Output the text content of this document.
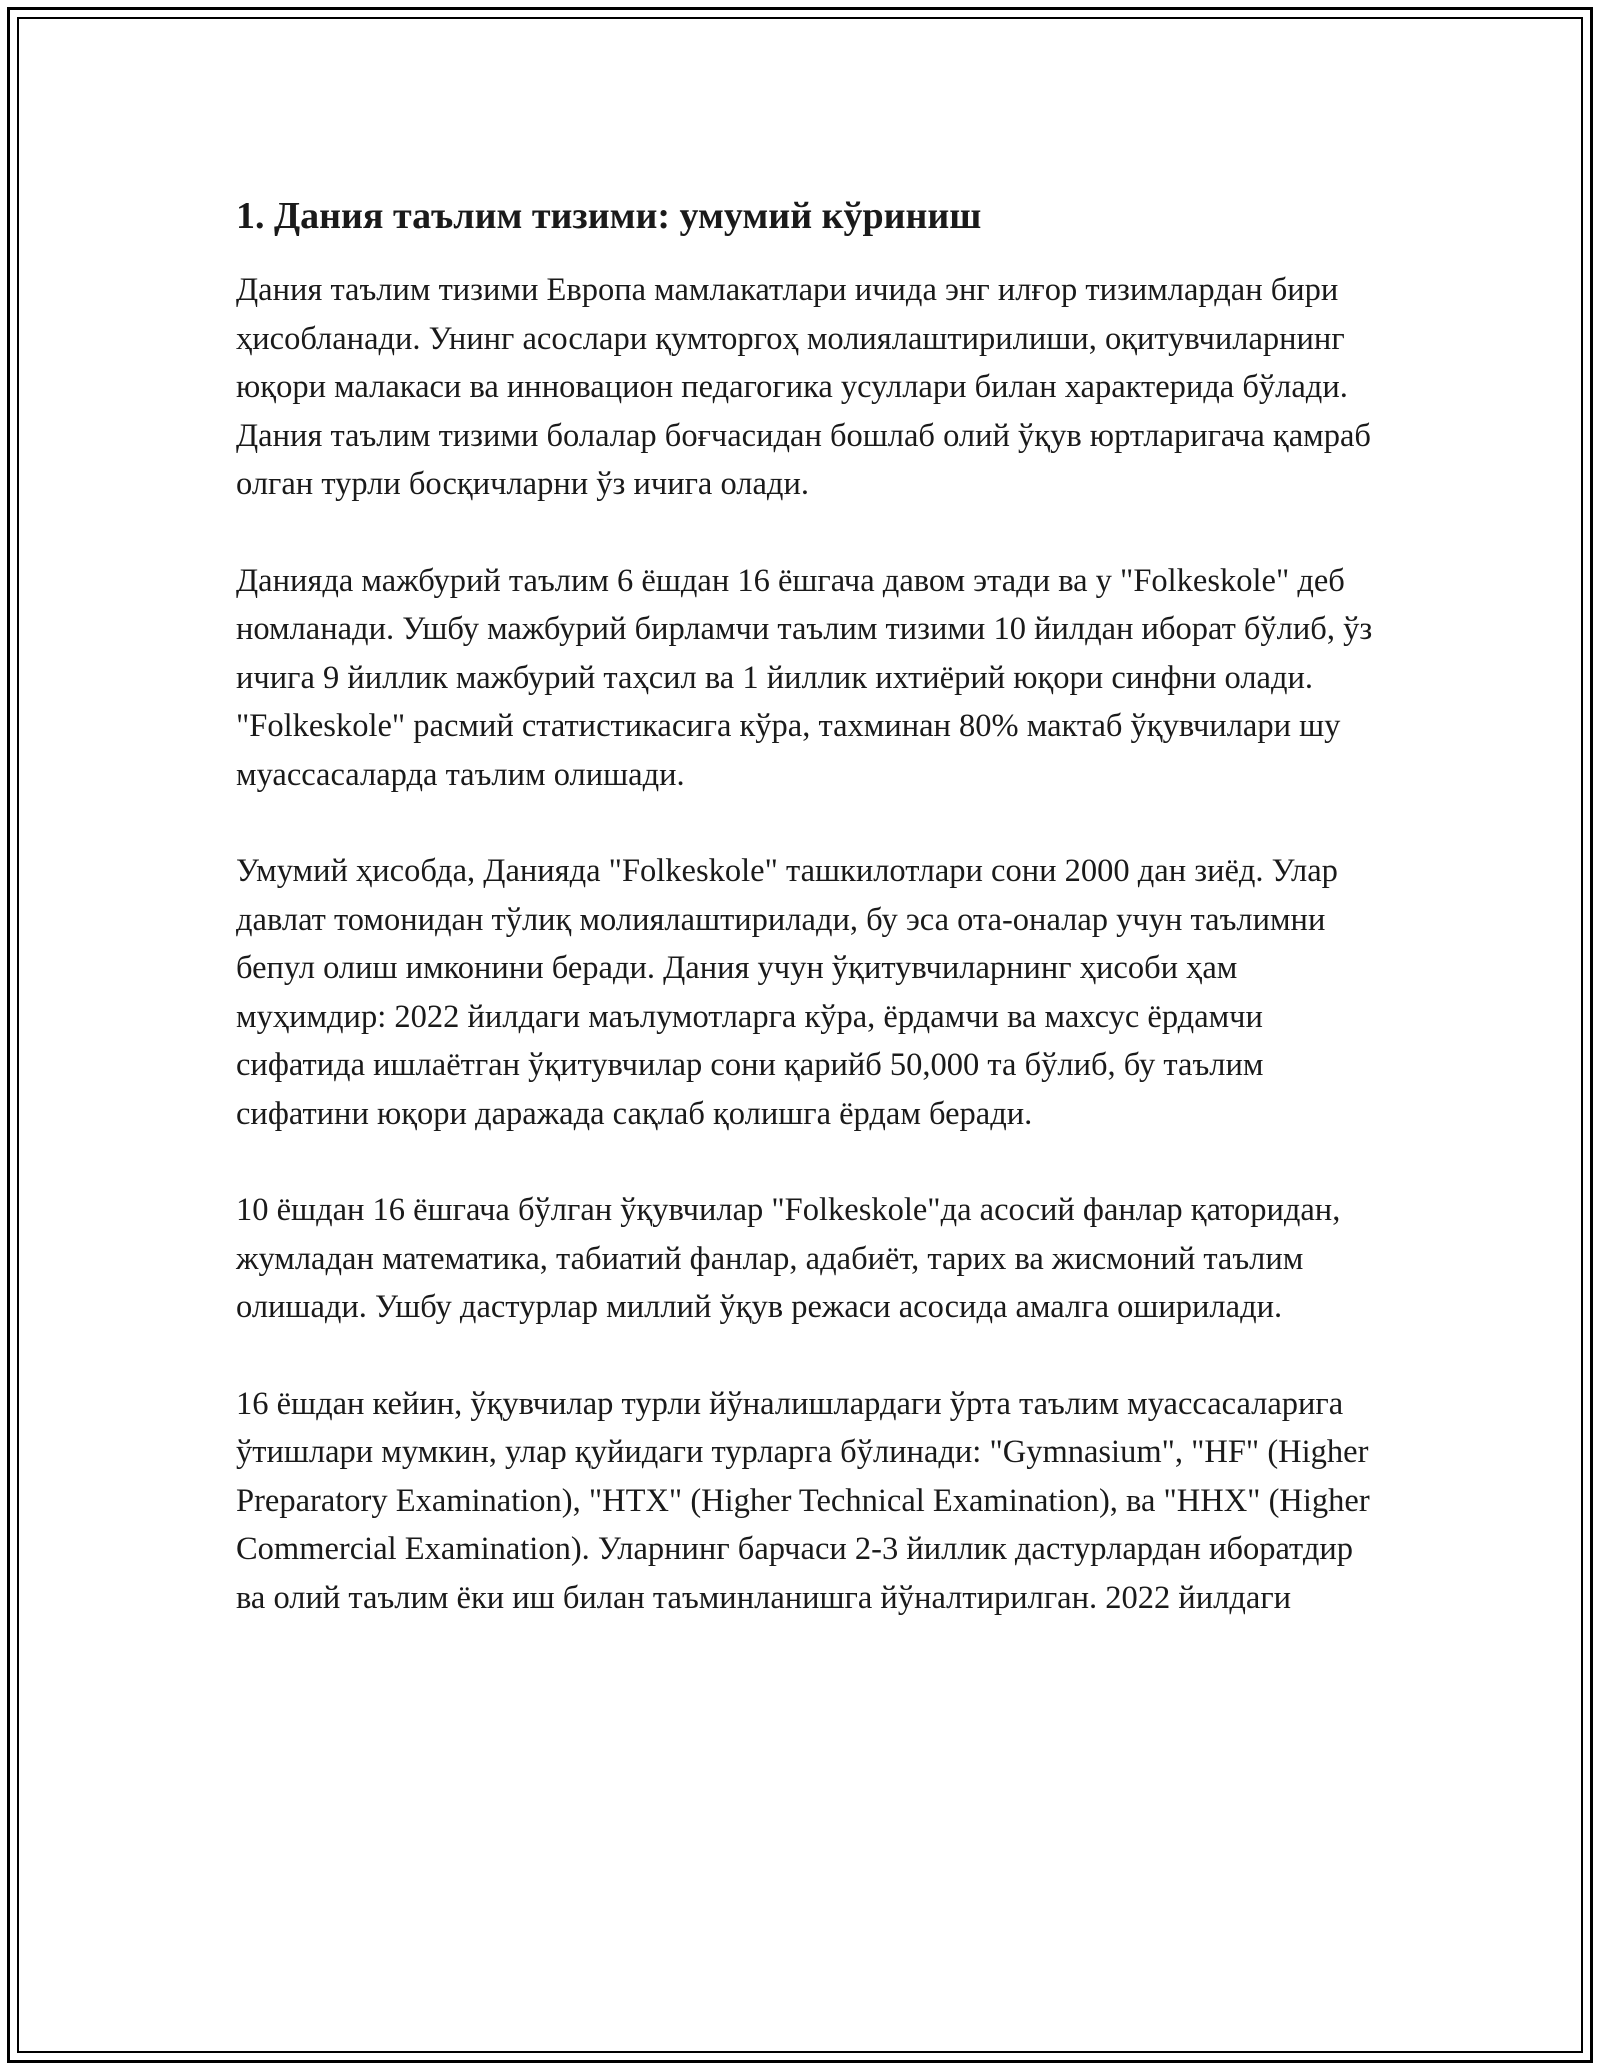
1. Дания таълим тизими: умумий кўриниш

Дания таълим тизими Европа мамлакатлари ичида энг илғор тизимлардан бири ҳисобланади. Унинг асослари қумторгоҳ молиялаштирилиши, оқитувчиларнинг юқори малакаси ва инновацион педагогика усуллари билан характерида бўлади. Дания таълим тизими болалар боғчасидан бошлаб олий ўқув юртларигача қамраб олган турли босқичларни ўз ичига олади.

Данияда мажбурий таълим 6 ёшдан 16 ёшгача давом этади ва у "Folkeskole" деб номланади. Ушбу мажбурий бирламчи таълим тизими 10 йилдан иборат бўлиб, ўз ичига 9 йиллик мажбурий таҳсил ва 1 йиллик ихтиёрий юқори синфни олади. "Folkeskole" расмий статистикасига кўра, тахминан 80% мактаб ўқувчилари шу муассасаларда таълим олишади.

Умумий ҳисобда, Данияда "Folkeskole" ташкилотлари сони 2000 дан зиёд. Улар давлат томонидан тўлиқ молиялаштирилади, бу эса ота-оналар учун таълимни бепул олиш имконини беради. Дания учун ўқитувчиларнинг ҳисоби ҳам муҳимдир: 2022 йилдаги маълумотларга кўра, ёрдамчи ва махсус ёрдамчи сифатида ишлаётган ўқитувчилар сони қарийб 50,000 та бўлиб, бу таълим сифатини юқори даражада сақлаб қолишга ёрдам беради.

10 ёшдан 16 ёшгача бўлган ўқувчилар "Folkeskole"да асосий фанлар қаторидан, жумладан математика, табиатий фанлар, адабиёт, тарих ва жисмоний таълим олишади. Ушбу дастурлар миллий ўқув режаси асосида амалга оширилади.

16 ёшдан кейин, ўқувчилар турли йўналишлардаги ўрта таълим муассасаларига ўтишлари мумкин, улар қуйидаги турларга бўлинади: "Gymnasium", "HF" (Higher Preparatory Examination), "HTX" (Higher Technical Examination), ва "HHX" (Higher Commercial Examination). Уларнинг барчаси 2-3 йиллик дастурлардан иборатдир ва олий таълим ёки иш билан таъминланишга йўналтирилган. 2022 йилдаги
